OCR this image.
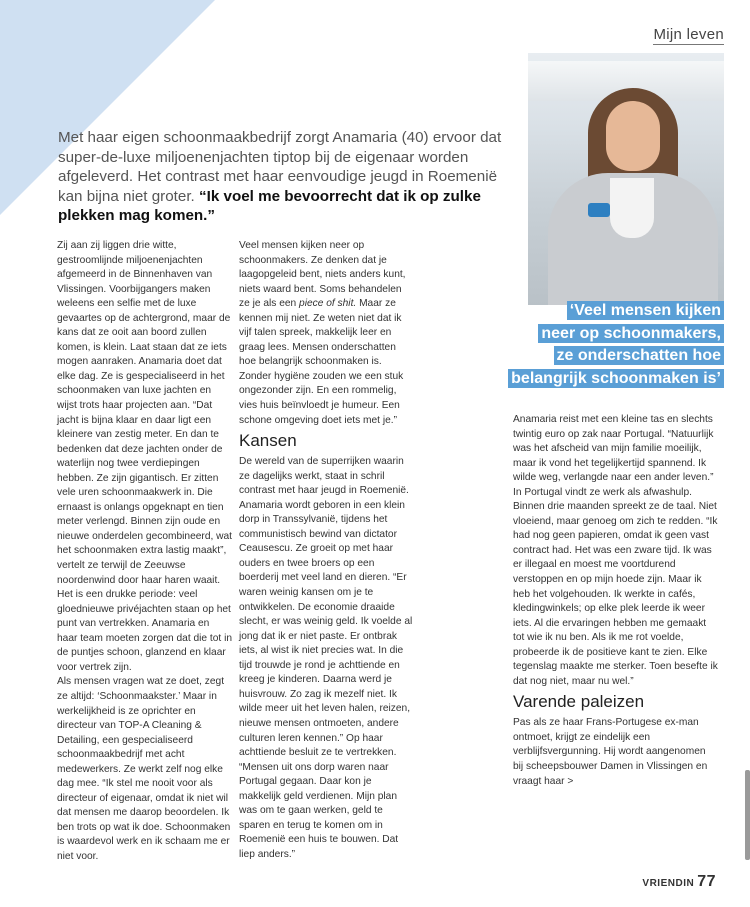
Mijn leven
Met haar eigen schoonmaakbedrijf zorgt Anamaria (40) ervoor dat super-de-luxe miljoenenjachten tiptop bij de eigenaar worden afgeleverd. Het contrast met haar eenvoudige jeugd in Roemenië kan bijna niet groter. “Ik voel me bevoorrecht dat ik op zulke plekken mag komen.”
‘Veel mensen kijken
neer op schoonmakers,
ze onderschatten hoe
belangrijk schoonmaken is’

Zij aan zij liggen drie witte, gestroomlijnde miljoenenjachten afgemeerd in de Binnenhaven van Vlissingen. Voorbijgangers maken weleens een selfie met de luxe gevaartes op de achtergrond, maar de kans dat ze ooit aan boord zullen komen, is klein. Laat staan dat ze iets mogen aanraken. Anamaria doet dat elke dag. Ze is gespecialiseerd in het schoonmaken van luxe jachten en wijst trots haar projecten aan. “Dat jacht is bijna klaar en daar ligt een kleinere van zestig meter. En dan te bedenken dat deze jachten onder de waterlijn nog twee verdiepingen hebben. Ze zijn gigantisch. Er zitten vele uren schoonmaakwerk in. Die ernaast is onlangs opgeknapt en tien meter verlengd. Binnen zijn oude en nieuwe onderdelen gecombineerd, wat het schoonmaken extra lastig maakt”, vertelt ze terwijl de Zeeuwse noordenwind door haar haren waait. Het is een drukke periode: veel gloednieuwe privéjachten staan op het punt van vertrekken. Anamaria en haar team moeten zorgen dat die tot in de puntjes schoon, glanzend en klaar voor vertrek zijn.

Als mensen vragen wat ze doet, zegt ze altijd: ‘Schoonmaakster.’ Maar in werkelijkheid is ze oprichter en directeur van TOP-A Cleaning & Detailing, een gespecialiseerd schoonmaakbedrijf met acht medewerkers. Ze werkt zelf nog elke dag mee. “Ik stel me nooit voor als directeur of eigenaar, omdat ik niet wil dat mensen me daarop beoordelen. Ik ben trots op wat ik doe. Schoonmaken is waardevol werk en ik schaam me er niet voor.

Veel mensen kijken neer op schoonmakers. Ze denken dat je laagopgeleid bent, niets anders kunt, niets waard bent. Soms behandelen ze je als een piece of shit. Maar ze kennen mij niet. Ze weten niet dat ik vijf talen spreek, makkelijk leer en graag lees. Mensen onderschatten hoe belangrijk schoonmaken is. Zonder hygiëne zouden we een stuk ongezonder zijn. En een rommelig, vies huis beïnvloedt je humeur. Een schone omgeving doet iets met je.”

Kansen

De wereld van de superrijken waarin ze dagelijks werkt, staat in schril contrast met haar jeugd in Roemenië. Anamaria wordt geboren in een klein dorp in Transsylvanië, tijdens het communistisch bewind van dictator Ceausescu. Ze groeit op met haar ouders en twee broers op een boerderij met veel land en dieren. “Er waren weinig kansen om je te ontwikkelen. De economie draaide slecht, er was weinig geld. Ik voelde al jong dat ik er niet paste. Er ontbrak iets, al wist ik niet precies wat. In die tijd trouwde je rond je achttiende en kreeg je kinderen. Daarna werd je huisvrouw. Zo zag ik mezelf niet. Ik wilde meer uit het leven halen, reizen, nieuwe mensen ontmoeten, andere culturen leren kennen.” Op haar achttiende besluit ze te vertrekken. “Mensen uit ons dorp waren naar Portugal gegaan. Daar kon je makkelijk geld verdienen. Mijn plan was om te gaan werken, geld te sparen en terug te komen om in Roemenië een huis te bouwen. Dat liep anders.”

Anamaria reist met een kleine tas en slechts twintig euro op zak naar Portugal. “Natuurlijk was het afscheid van mijn familie moeilijk, maar ik vond het tegelijkertijd spannend. Ik wilde weg, verlangde naar een ander leven.”

In Portugal vindt ze werk als afwashulp. Binnen drie maanden spreekt ze de taal. Niet vloeiend, maar genoeg om zich te redden. “Ik had nog geen papieren, omdat ik geen vast contract had. Het was een zware tijd. Ik was er illegaal en moest me voortdurend verstoppen en op mijn hoede zijn. Maar ik heb het volgehouden. Ik werkte in cafés, kledingwinkels; op elke plek leerde ik weer iets. Al die ervaringen hebben me gemaakt tot wie ik nu ben. Als ik me rot voelde, probeerde ik de positieve kant te zien. Elke tegenslag maakte me sterker. Toen besefte ik dat nog niet, maar nu wel.”

Varende paleizen

Pas als ze haar Frans-Portugese ex-man ontmoet, krijgt ze eindelijk een verblijfsvergunning. Hij wordt aangenomen bij scheepsbouwer Damen in Vlissingen en vraagt haar >

VRIENDIN 77
